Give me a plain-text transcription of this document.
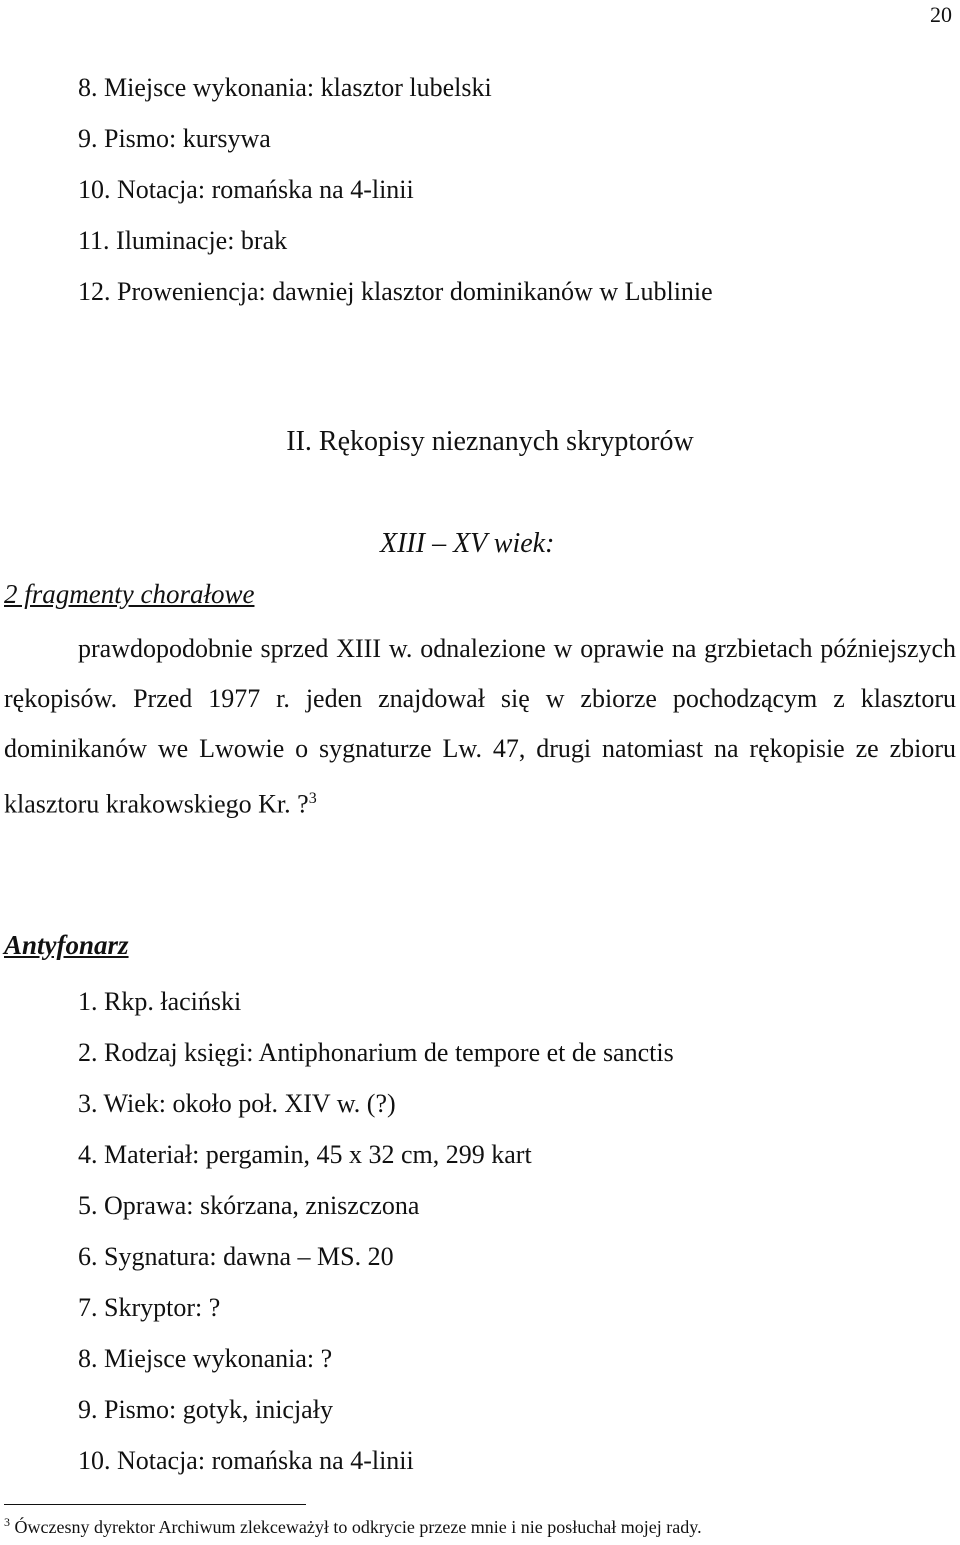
20
8. Miejsce wykonania: klasztor lubelski
9. Pismo: kursywa
10. Notacja: romańska na 4-linii
11. Iluminacje: brak
12. Proweniencja: dawniej klasztor dominikanów w Lublinie
II. Rękopisy nieznanych skryptorów
XIII – XV wiek:
2 fragmenty chorałowe
prawdopodobnie sprzed XIII w. odnalezione w oprawie na grzbietach późniejszych rękopisów. Przed 1977 r. jeden znajdował się w zbiorze pochodzącym z klasztoru dominikanów we Lwowie o sygnaturze Lw. 47, drugi natomiast na rękopisie ze zbioru klasztoru krakowskiego Kr. ?$^3$
Antyfonarz
1. Rkp. łaciński
2. Rodzaj księgi: Antiphonarium de tempore et de sanctis
3. Wiek: około poł. XIV w. (?)
4. Materiał: pergamin, 45 x 32 cm, 299 kart
5. Oprawa: skórzana, zniszczona
6. Sygnatura: dawna – MS. 20
7. Skryptor: ?
8. Miejsce wykonania: ?
9. Pismo: gotyk, inicjały
10. Notacja: romańska na 4-linii
$^3$ Ówczesny dyrektor Archiwum zlekceważył to odkrycie przeze mnie i nie posłuchał mojej rady.
